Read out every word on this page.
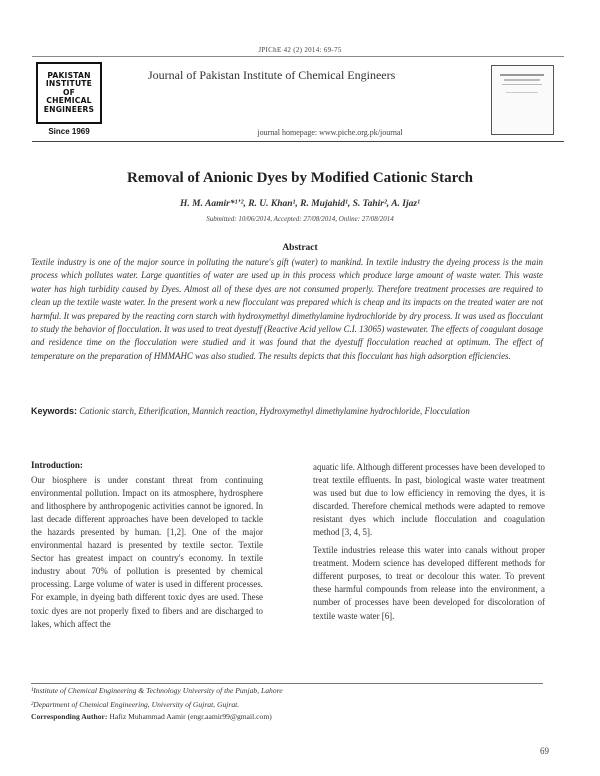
JPIChE 42 (2) 2014: 69-75
PAKISTAN
INSTITUTE
OF
CHEMICAL
ENGINEERS
Since 1969
Journal of Pakistan Institute of Chemical Engineers
journal homepage: www.piche.org.pk/journal
Removal of Anionic Dyes by Modified Cationic Starch
H. M. Aamir*¹ʼ², R. U. Khan¹, R. Mujahid¹, S. Tahir², A. Ijaz¹
Submitted: 10/06/2014, Accepted: 27/08/2014, Online: 27/08/2014
Abstract
Textile industry is one of the major source in polluting the nature's gift (water) to mankind. In textile industry the dyeing process is the main process which pollutes water. Large quantities of water are used up in this process which produce large amount of waste water. This waste water has high turbidity caused by Dyes. Almost all of these dyes are not consumed properly. Therefore treatment processes are required to clean up the textile waste water. In the present work a new flocculant was prepared which is cheap and its impacts on the treated water are not harmful. It was prepared by the reacting corn starch with hydroxymethyl dimethylamine hydrochloride by dry process. It was used as flocculant to study the behavior of flocculation. It was used to treat dyestuff (Reactive Acid yellow C.I. 13065) wastewater. The effects of coagulant dosage and residence time on the flocculation were studied and it was found that the dyestuff flocculation reached at optimum. The effect of temperature on the preparation of HMMAHC was also studied. The results depicts that this flocculant has high adsorption efficiencies.
Keywords: Cationic starch, Etherification, Mannich reaction, Hydroxymethyl dimethylamine hydrochloride, Flocculation
Introduction:

Our biosphere is under constant threat from continuing environmental pollution. Impact on its atmosphere, hydrosphere and lithosphere by anthropogenic activities cannot be ignored. In last decade different approaches have been developed to tackle the hazards presented by human. [1,2]. One of the major environmental hazard is presented by textile sector. Textile Sector has greatest impact on country's economy. In textile industry about 70% of pollution is presented by chemical processing. Large volume of water is used in different processes. For example, in dyeing bath different toxic dyes are used. These toxic dyes are not properly fixed to fibers and are discharged to lakes, which affect the

aquatic life. Although different processes have been developed to treat textile effluents. In past, biological waste water treatment was used but due to low efficiency in removing the dyes, it is discarded. Therefore chemical methods were adapted to remove resistant dyes which include flocculation and coagulation method [3, 4, 5].

Textile industries release this water into canals without proper treatment. Modern science has developed different methods for different purposes, to treat or decolour this water. To prevent these harmful compounds from release into the environment, a number of processes have been developed for discoloration of textile waste water [6].

¹Institute of Chemical Engineering & Technology University of the Punjab, Lahore
²Department of Chemical Engineering, University of Gujrat, Gujrat.
Corresponding Author: Hafiz Muhammad Aamir (engr.aamir99@gmail.com)
69
